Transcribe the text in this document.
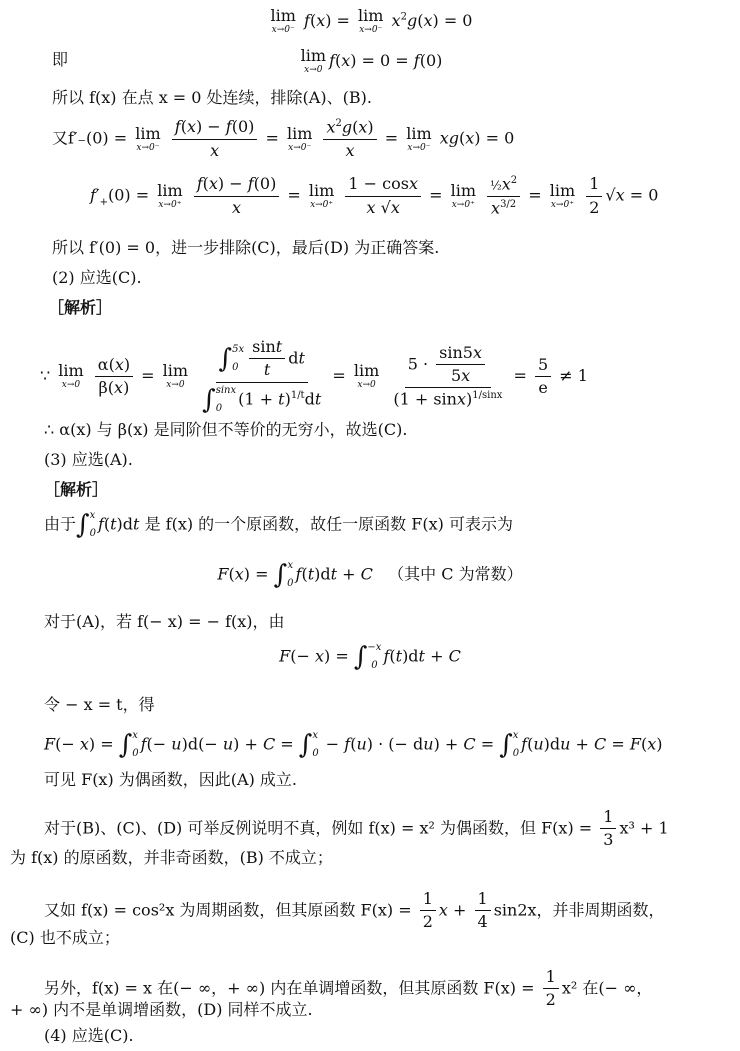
lim
x→0⁻ f(x) = lim
x→0⁻ $x^2g(x) = 0$
即	lim
x→0 f(x) = 0 = f(0)
所以 f(x) 在点 x = 0 处连续，排除(A)、(B).
又f′₋(0) = lim
x→0⁻
$\frac{f(x) - f(0)}{x} = \lim$
x→0⁻
$\frac{x^2g(x)}{x} = \lim$
x→0⁻ xg(x) = 0
$f'_+(0) = \lim$
x→0⁺
$\frac{f(x) - f(0)}{x} = \lim$
x→0⁺
$\frac{1 - \cos x}{x √x} = \lim$
x→0⁺
$\frac{\frac{1}{2}x^2}{x^{3/2}} = \lim$
x→0⁺
$\frac{1}{2} √x = 0$
所以 f′(0) = 0，进一步排除(C)，最后(D) 为正确答案.
(2) 应选(C).
［解析］
∵ lim
x→0
$\frac{\alpha(x)}{\beta(x)} = \lim$
x→0
∫ 5x
$0 \frac{\sin t}{t}$ dt
∫ sinx
0
$(1 + t)^{1/t}dt = \lim$
x→0
$\frac{5 \cdot \frac{\sin 5x}{5x}}{(1 + \sin x)^{1/sinx}} = \frac{5}{e} \ne 1$
∴ α(x) 与 β(x) 是同阶但不等价的无穷小，故选(C).
(3) 应选(A).
［解析］
由于 ∫ x
0 f(t)dt 是 f(x) 的一个原函数，故任一原函数 F(x) 可表示为
F(x) = ∫ x
0 f(t)dt + C （其中 C 为常数）
对于(A)，若 f(− x) = − f(x)，由
F(− x) = ∫ −x
0 f(t)dt + C
令 − x = t，得
F(− x) = ∫ x
0 f(− u)d(− u) + C = ∫ x
0 − f(u) · (− du) + C = ∫ x
0 f(u)du + C = F(x)
可见 F(x) 为偶函数，因此(A) 成立.
对于(B)、(C)、(D) 可举反例说明不真，例如 f(x) = x² 为偶函数，但 $F(x) = \frac{1}{3} x^3 + 1$
为 f(x) 的原函数，并非奇函数，(B) 不成立；
又如 f(x) = cos²x 为周期函数，但其原函数 $F(x) = \frac{1}{2}$ $x + \frac{1}{4} \sin 2x$，并非周期函数，
(C) 也不成立；
另外，f(x) = x 在(− ∞，+ ∞) 内在单调增函数，但其原函数 $F(x) = \frac{1}{2} x^2$ 在(− ∞，
+ ∞) 内不是单调增函数，(D) 同样不成立.
(4) 应选(C).
